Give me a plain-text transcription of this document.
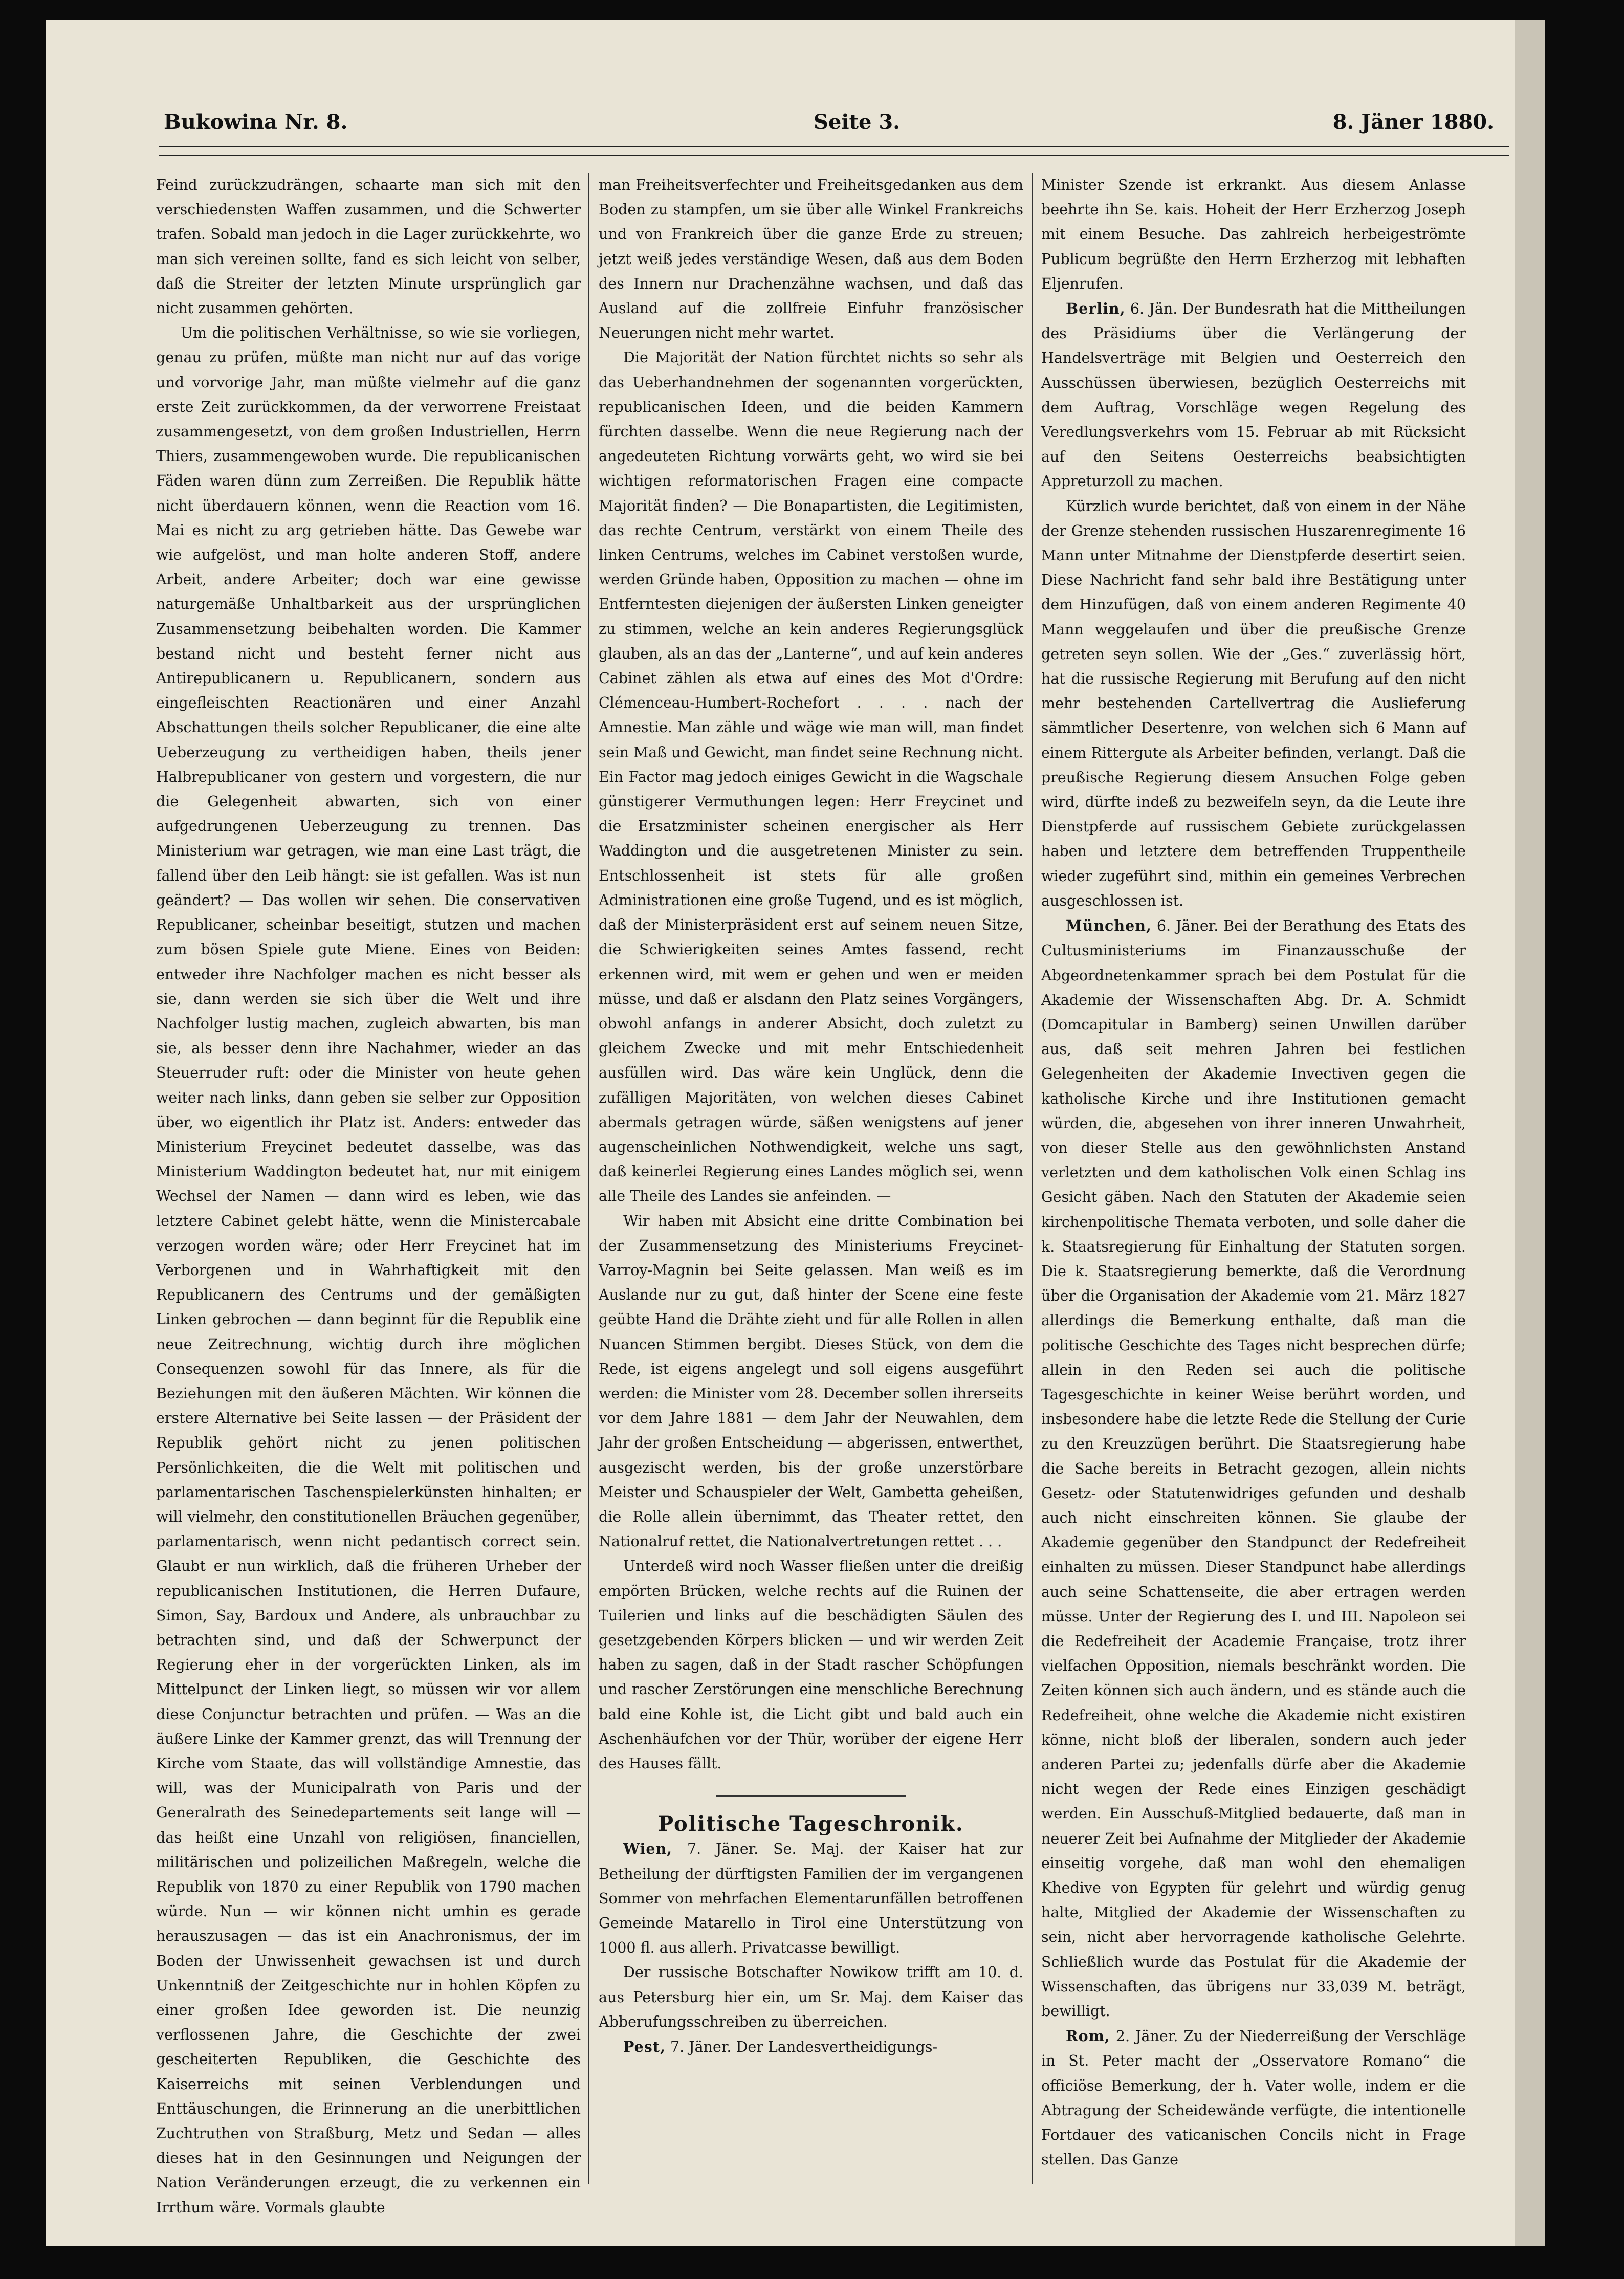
Bukowina Nr. 8.	Seite 3.	8. Jäner 1880.

Feind zurückzudrängen, schaarte man sich mit den verschiedensten Waffen zusammen, und die Schwerter trafen. Sobald man jedoch in die Lager zurückkehrte, wo man sich vereinen sollte, fand es sich leicht von selber, daß die Streiter der letzten Minute ursprünglich gar nicht zusammen gehörten.

Um die politischen Verhältnisse, so wie sie vorliegen, genau zu prüfen, müßte man nicht nur auf das vorige und vorvorige Jahr, man müßte vielmehr auf die ganz erste Zeit zurückkommen, da der verworrene Freistaat zusammengesetzt, von dem großen Industriellen, Herrn Thiers, zusammengewoben wurde. Die republicanischen Fäden waren dünn zum Zerreißen. Die Republik hätte nicht überdauern können, wenn die Reaction vom 16. Mai es nicht zu arg getrieben hätte. Das Gewebe war wie aufgelöst, und man holte anderen Stoff, andere Arbeit, andere Arbeiter; doch war eine gewisse naturgemäße Unhaltbarkeit aus der ursprünglichen Zusammensetzung beibehalten worden. Die Kammer bestand nicht und besteht ferner nicht aus Antirepublicanern u. Republicanern, sondern aus eingefleischten Reactionären und einer Anzahl Abschattungen theils solcher Republicaner, die eine alte Ueberzeugung zu vertheidigen haben, theils jener Halbrepublicaner von gestern und vorgestern, die nur die Gelegenheit abwarten, sich von einer aufgedrungenen Ueberzeugung zu trennen. Das Ministerium war getragen, wie man eine Last trägt, die fallend über den Leib hängt: sie ist gefallen. Was ist nun geändert? — Das wollen wir sehen. Die conservativen Republicaner, scheinbar beseitigt, stutzen und machen zum bösen Spiele gute Miene. Eines von Beiden: entweder ihre Nachfolger machen es nicht besser als sie, dann werden sie sich über die Welt und ihre Nachfolger lustig machen, zugleich abwarten, bis man sie, als besser denn ihre Nachahmer, wieder an das Steuerruder ruft: oder die Minister von heute gehen weiter nach links, dann geben sie selber zur Opposition über, wo eigentlich ihr Platz ist. Anders: entweder das Ministerium Freycinet bedeutet dasselbe, was das Ministerium Waddington bedeutet hat, nur mit einigem Wechsel der Namen — dann wird es leben, wie das letztere Cabinet gelebt hätte, wenn die Ministercabale verzogen worden wäre; oder Herr Freycinet hat im Verborgenen und in Wahrhaftigkeit mit den Republicanern des Centrums und der gemäßigten Linken gebrochen — dann beginnt für die Republik eine neue Zeitrechnung, wichtig durch ihre möglichen Consequenzen sowohl für das Innere, als für die Beziehungen mit den äußeren Mächten. Wir können die erstere Alternative bei Seite lassen — der Präsident der Republik gehört nicht zu jenen politischen Persönlichkeiten, die die Welt mit politischen und parlamentarischen Taschenspielerkünsten hinhalten; er will vielmehr, den constitutionellen Bräuchen gegenüber, parlamentarisch, wenn nicht pedantisch correct sein. Glaubt er nun wirklich, daß die früheren Urheber der republicanischen Institutionen, die Herren Dufaure, Simon, Say, Bardoux und Andere, als unbrauchbar zu betrachten sind, und daß der Schwerpunct der Regierung eher in der vorgerückten Linken, als im Mittelpunct der Linken liegt, so müssen wir vor allem diese Conjunctur betrachten und prüfen. — Was an die äußere Linke der Kammer grenzt, das will Trennung der Kirche vom Staate, das will vollständige Amnestie, das will, was der Municipalrath von Paris und der Generalrath des Seinedepartements seit lange will — das heißt eine Unzahl von religiösen, financiellen, militärischen und polizeilichen Maßregeln, welche die Republik von 1870 zu einer Republik von 1790 machen würde. Nun — wir können nicht umhin es gerade herauszusagen — das ist ein Anachronismus, der im Boden der Unwissenheit gewachsen ist und durch Unkenntniß der Zeitgeschichte nur in hohlen Köpfen zu einer großen Idee geworden ist. Die neunzig verflossenen Jahre, die Geschichte der zwei gescheiterten Republiken, die Geschichte des Kaiserreichs mit seinen Verblendungen und Enttäuschungen, die Erinnerung an die unerbittlichen Zuchtruthen von Straßburg, Metz und Sedan — alles dieses hat in den Gesinnungen und Neigungen der Nation Veränderungen erzeugt, die zu verkennen ein Irrthum wäre. Vormals glaubte

man Freiheitsverfechter und Freiheitsgedanken aus dem Boden zu stampfen, um sie über alle Winkel Frankreichs und von Frankreich über die ganze Erde zu streuen; jetzt weiß jedes verständige Wesen, daß aus dem Boden des Innern nur Drachenzähne wachsen, und daß das Ausland auf die zollfreie Einfuhr französischer Neuerungen nicht mehr wartet.

Die Majorität der Nation fürchtet nichts so sehr als das Ueberhandnehmen der sogenannten vorgerückten, republicanischen Ideen, und die beiden Kammern fürchten dasselbe. Wenn die neue Regierung nach der angedeuteten Richtung vorwärts geht, wo wird sie bei wichtigen reformatorischen Fragen eine compacte Majorität finden? — Die Bonapartisten, die Legitimisten, das rechte Centrum, verstärkt von einem Theile des linken Centrums, welches im Cabinet verstoßen wurde, werden Gründe haben, Opposition zu machen — ohne im Entferntesten diejenigen der äußersten Linken geneigter zu stimmen, welche an kein anderes Regierungsglück glauben, als an das der „Lanterne“, und auf kein anderes Cabinet zählen als etwa auf eines des Mot d'Ordre: Clémenceau-Humbert-Rochefort . . . . nach der Amnestie. Man zähle und wäge wie man will, man findet sein Maß und Gewicht, man findet seine Rechnung nicht. Ein Factor mag jedoch einiges Gewicht in die Wagschale günstigerer Vermuthungen legen: Herr Freycinet und die Ersatzminister scheinen energischer als Herr Waddington und die ausgetretenen Minister zu sein. Entschlossenheit ist stets für alle großen Administrationen eine große Tugend, und es ist möglich, daß der Ministerpräsident erst auf seinem neuen Sitze, die Schwierigkeiten seines Amtes fassend, recht erkennen wird, mit wem er gehen und wen er meiden müsse, und daß er alsdann den Platz seines Vorgängers, obwohl anfangs in anderer Absicht, doch zuletzt zu gleichem Zwecke und mit mehr Entschiedenheit ausfüllen wird. Das wäre kein Unglück, denn die zufälligen Majoritäten, von welchen dieses Cabinet abermals getragen würde, säßen wenigstens auf jener augenscheinlichen Nothwendigkeit, welche uns sagt, daß keinerlei Regierung eines Landes möglich sei, wenn alle Theile des Landes sie anfeinden. —

Wir haben mit Absicht eine dritte Combination bei der Zusammensetzung des Ministeriums Freycinet-Varroy-Magnin bei Seite gelassen. Man weiß es im Auslande nur zu gut, daß hinter der Scene eine feste geübte Hand die Drähte zieht und für alle Rollen in allen Nuancen Stimmen bergibt. Dieses Stück, von dem die Rede, ist eigens angelegt und soll eigens ausgeführt werden: die Minister vom 28. December sollen ihrerseits vor dem Jahre 1881 — dem Jahr der Neuwahlen, dem Jahr der großen Entscheidung — abgerissen, entwerthet, ausgezischt werden, bis der große unzerstörbare Meister und Schauspieler der Welt, Gambetta geheißen, die Rolle allein übernimmt, das Theater rettet, den Nationalruf rettet, die Nationalvertretungen rettet . . .

Unterdeß wird noch Wasser fließen unter die dreißig empörten Brücken, welche rechts auf die Ruinen der Tuilerien und links auf die beschädigten Säulen des gesetzgebenden Körpers blicken — und wir werden Zeit haben zu sagen, daß in der Stadt rascher Schöpfungen und rascher Zerstörungen eine menschliche Berechnung bald eine Kohle ist, die Licht gibt und bald auch ein Aschenhäufchen vor der Thür, worüber der eigene Herr des Hauses fällt.

Politische Tageschronik.

Wien, 7. Jäner. Se. Maj. der Kaiser hat zur Betheilung der dürftigsten Familien der im vergangenen Sommer von mehrfachen Elementarunfällen betroffenen Gemeinde Matarello in Tirol eine Unterstützung von 1000 fl. aus allerh. Privatcasse bewilligt.

Der russische Botschafter Nowikow trifft am 10. d. aus Petersburg hier ein, um Sr. Maj. dem Kaiser das Abberufungsschreiben zu überreichen.

Pest, 7. Jäner. Der Landesvertheidigungs-

Minister Szende ist erkrankt. Aus diesem Anlasse beehrte ihn Se. kais. Hoheit der Herr Erzherzog Joseph mit einem Besuche. Das zahlreich herbeigeströmte Publicum begrüßte den Herrn Erzherzog mit lebhaften Eljenrufen.

Berlin, 6. Jän. Der Bundesrath hat die Mittheilungen des Präsidiums über die Verlängerung der Handelsverträge mit Belgien und Oesterreich den Ausschüssen überwiesen, bezüglich Oesterreichs mit dem Auftrag, Vorschläge wegen Regelung des Veredlungsverkehrs vom 15. Februar ab mit Rücksicht auf den Seitens Oesterreichs beabsichtigten Appreturzoll zu machen.

Kürzlich wurde berichtet, daß von einem in der Nähe der Grenze stehenden russischen Huszarenregimente 16 Mann unter Mitnahme der Dienstpferde desertirt seien. Diese Nachricht fand sehr bald ihre Bestätigung unter dem Hinzufügen, daß von einem anderen Regimente 40 Mann weggelaufen und über die preußische Grenze getreten seyn sollen. Wie der „Ges.“ zuverlässig hört, hat die russische Regierung mit Berufung auf den nicht mehr bestehenden Cartellvertrag die Auslieferung sämmtlicher Desertenre, von welchen sich 6 Mann auf einem Rittergute als Arbeiter befinden, verlangt. Daß die preußische Regierung diesem Ansuchen Folge geben wird, dürfte indeß zu bezweifeln seyn, da die Leute ihre Dienstpferde auf russischem Gebiete zurückgelassen haben und letztere dem betreffenden Truppentheile wieder zugeführt sind, mithin ein gemeines Verbrechen ausgeschlossen ist.

München, 6. Jäner. Bei der Berathung des Etats des Cultusministeriums im Finanzausschuße der Abgeordnetenkammer sprach bei dem Postulat für die Akademie der Wissenschaften Abg. Dr. A. Schmidt (Domcapitular in Bamberg) seinen Unwillen darüber aus, daß seit mehren Jahren bei festlichen Gelegenheiten der Akademie Invectiven gegen die katholische Kirche und ihre Institutionen gemacht würden, die, abgesehen von ihrer inneren Unwahrheit, von dieser Stelle aus den gewöhnlichsten Anstand verletzten und dem katholischen Volk einen Schlag ins Gesicht gäben. Nach den Statuten der Akademie seien kirchenpolitische Themata verboten, und solle daher die k. Staatsregierung für Einhaltung der Statuten sorgen. Die k. Staatsregierung bemerkte, daß die Verordnung über die Organisation der Akademie vom 21. März 1827 allerdings die Bemerkung enthalte, daß man die politische Geschichte des Tages nicht besprechen dürfe; allein in den Reden sei auch die politische Tagesgeschichte in keiner Weise berührt worden, und insbesondere habe die letzte Rede die Stellung der Curie zu den Kreuzzügen berührt. Die Staatsregierung habe die Sache bereits in Betracht gezogen, allein nichts Gesetz- oder Statutenwidriges gefunden und deshalb auch nicht einschreiten können. Sie glaube der Akademie gegenüber den Standpunct der Redefreiheit einhalten zu müssen. Dieser Standpunct habe allerdings auch seine Schattenseite, die aber ertragen werden müsse. Unter der Regierung des I. und III. Napoleon sei die Redefreiheit der Academie Française, trotz ihrer vielfachen Opposition, niemals beschränkt worden. Die Zeiten können sich auch ändern, und es stände auch die Redefreiheit, ohne welche die Akademie nicht existiren könne, nicht bloß der liberalen, sondern auch jeder anderen Partei zu; jedenfalls dürfe aber die Akademie nicht wegen der Rede eines Einzigen geschädigt werden. Ein Ausschuß-Mitglied bedauerte, daß man in neuerer Zeit bei Aufnahme der Mitglieder der Akademie einseitig vorgehe, daß man wohl den ehemaligen Khedive von Egypten für gelehrt und würdig genug halte, Mitglied der Akademie der Wissenschaften zu sein, nicht aber hervorragende katholische Gelehrte. Schließlich wurde das Postulat für die Akademie der Wissenschaften, das übrigens nur 33,039 M. beträgt, bewilligt.

Rom, 2. Jäner. Zu der Niederreißung der Verschläge in St. Peter macht der „Osservatore Romano“ die officiöse Bemerkung, der h. Vater wolle, indem er die Abtragung der Scheidewände verfügte, die intentionelle Fortdauer des vaticanischen Concils nicht in Frage stellen. Das Ganze
